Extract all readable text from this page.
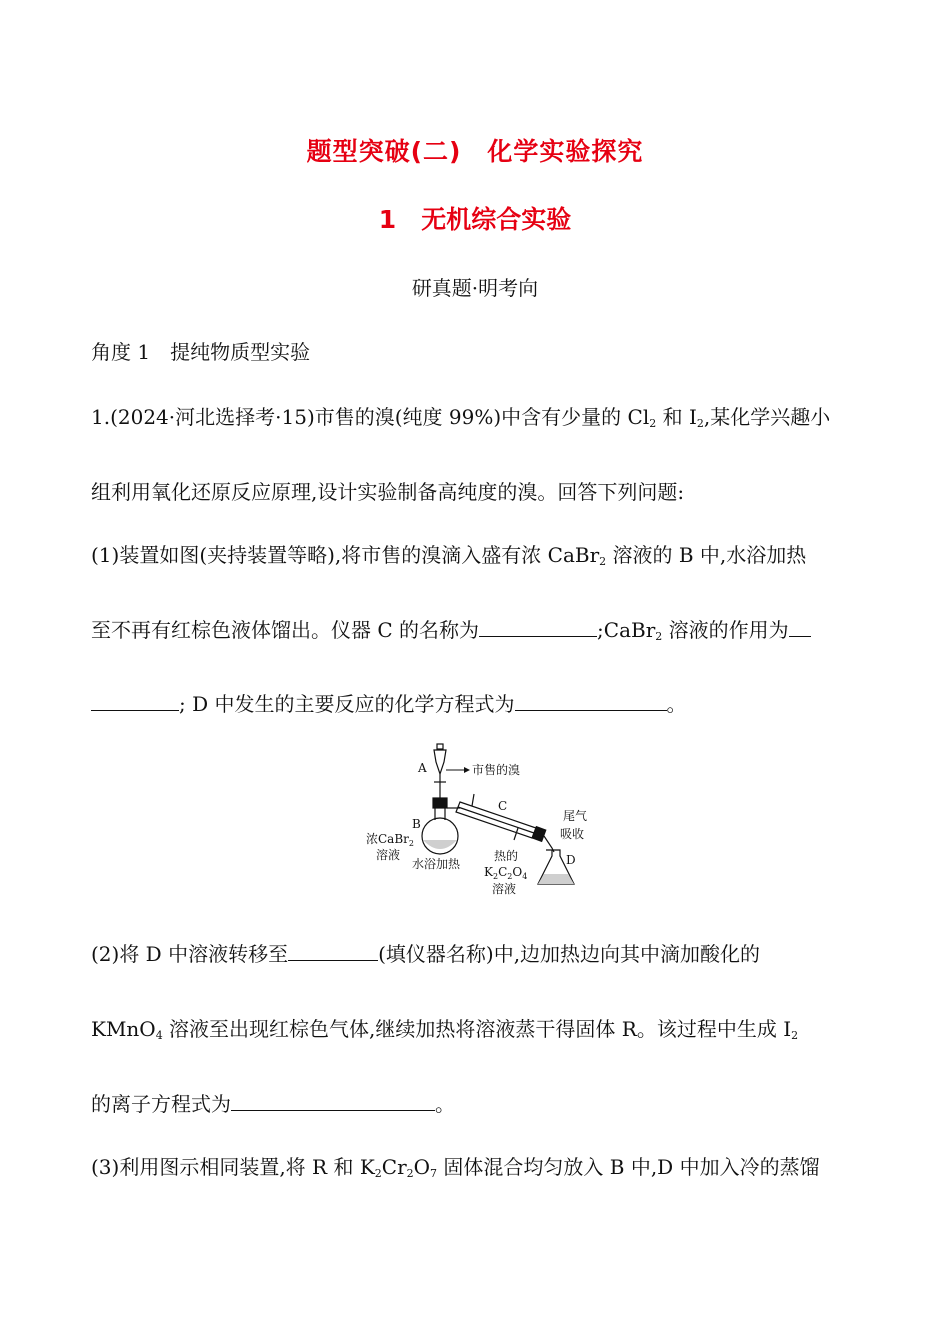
题型突破(二)　化学实验探究
1　无机综合实验
研真题·明考向
角度 1　提纯物质型实验
1.(2024·河北选择考·15)市售的溴(纯度 99%)中含有少量的 $Cl_2$ 和 $I_2$,某化学兴趣小
组利用氧化还原反应原理,设计实验制备高纯度的溴。回答下列问题:
(1)装置如图(夹持装置等略),将市售的溴滴入盛有浓 CaBr$_2$ 溶液的 B 中,水浴加热
至不再有红棕色液体馏出。仪器 C 的名称为	;CaBr$_2$ 溶液的作用为
; D 中发生的主要反应的化学方程式为	。
市售的溴
A
B
浓CaBr$_2$
溶液
水浴加热
C
尾气
吸收
D
热的
$K_2C_2O_4$
溶液
(2)将 D 中溶液转移至	(填仪器名称)中,边加热边向其中滴加酸化的
KMnO$_4$ 溶液至出现红棕色气体,继续加热将溶液蒸干得固体 R。该过程中生成 $I_2$
的离子方程式为	。
(3)利用图示相同装置,将 R 和 $K_2Cr_2O_7$ 固体混合均匀放入 B 中,D 中加入冷的蒸馏
